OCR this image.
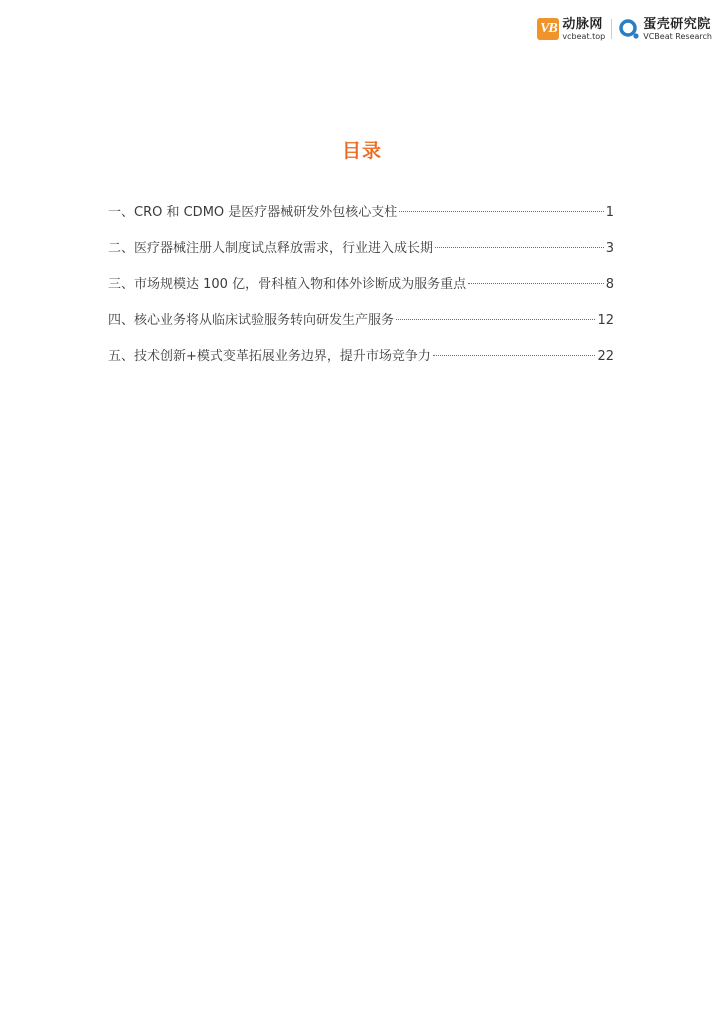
VB 动脉网
vcbeat.top
蛋壳研究院
VCBeat Research
目录
一、CRO 和 CDMO 是医疗器械研发外包核心支柱	1
二、医疗器械注册人制度试点释放需求，行业进入成长期	3
三、市场规模达 100 亿，骨科植入物和体外诊断成为服务重点	8
四、核心业务将从临床试验服务转向研发生产服务	12
五、技术创新+模式变革拓展业务边界，提升市场竞争力	22
